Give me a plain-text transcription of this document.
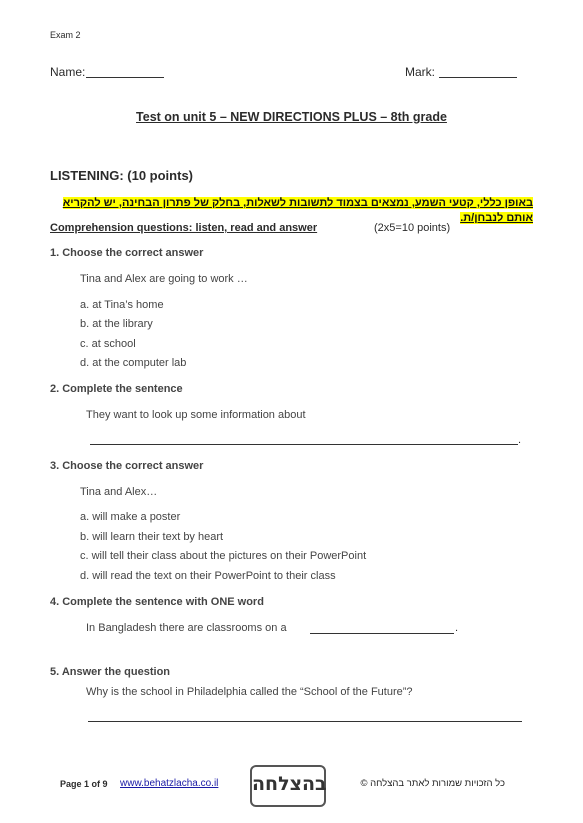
Exam 2
Name:	Mark:
Test on unit 5 – NEW DIRECTIONS PLUS – 8th grade
LISTENING: (10 points)
באופן כללי, קטעי השמע, נמצאים בצמוד לתשובות לשאלות, בחלק של פתרון הבחינה, יש להקריא
אותם לנבחן/ת.
Comprehension questions: listen, read and answer	(2x5=10 points)
1. Choose the correct answer
Tina and Alex are going to work …
a. at Tina’s home
b. at the library
c. at school
d. at the computer lab
2. Complete the sentence
They want to look up some information about
.
3. Choose the correct answer
Tina and Alex…
a. will make a poster
b. will learn their text by heart
c. will tell their class about the pictures on their PowerPoint
d. will read the text on their PowerPoint to their class
4. Complete the sentence with ONE word
In Bangladesh there are classrooms on a	.
5. Answer the question
Why is the school in Philadelphia called the “School of the Future”?
Page 1 of 9 www.behatzlacha.co.il בהצלחה	כל הזכויות שמורות לאתר בהצלחה ©
